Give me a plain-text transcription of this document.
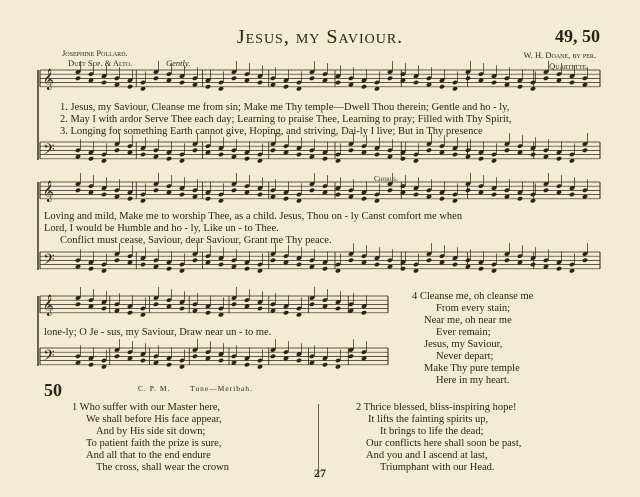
Jesus, my Saviour.	49, 50
Josephine Pollard.	W. H. Doane, by per.
Duet Sop. & Alto.	Gently.	Quartette.
𝄞
𝄢
𝄞
𝄢
𝄞
𝄢
1. Jesus, my Saviour, Cleanse me from sin; Make me Thy temple—Dwell Thou therein; Gentle and ho - ly,
2. May I with ardor Serve Thee each day; Learning to praise Thee, Learning to pray; Filled with Thy Spirit,
3. Longing for something Earth cannot give, Hoping, and striving, Dai-ly I live; But in Thy presence
Chorus.
Loving and mild, Make me to worship Thee, as a child. Jesus, Thou on - ly Canst comfort me when
Lord, I would be Humble and ho - ly, Like un - to Thee.
Conflict must cease, Saviour, dear Saviour, Grant me Thy peace.
lone-ly; O Je - sus, my Saviour, Draw near un - to me.
4 Cleanse me, oh cleanse me
From every stain;
Near me, oh near me
Ever remain;
Jesus, my Saviour,
Never depart;
Make Thy pure temple
Here in my heart.
50	C. P. M.	Tune—Meribah.
1 Who suffer with our Master here,
We shall before His face appear,
And by His side sit down;
To patient faith the prize is sure,
And all that to the end endure
The cross, shall wear the crown
2 Thrice blessed, bliss-inspiring hope!
It lifts the fainting spirits up,
It brings to life the dead;
Our conflicts here shall soon be past,
And you and I ascend at last,
Triumphant with our Head.
27
